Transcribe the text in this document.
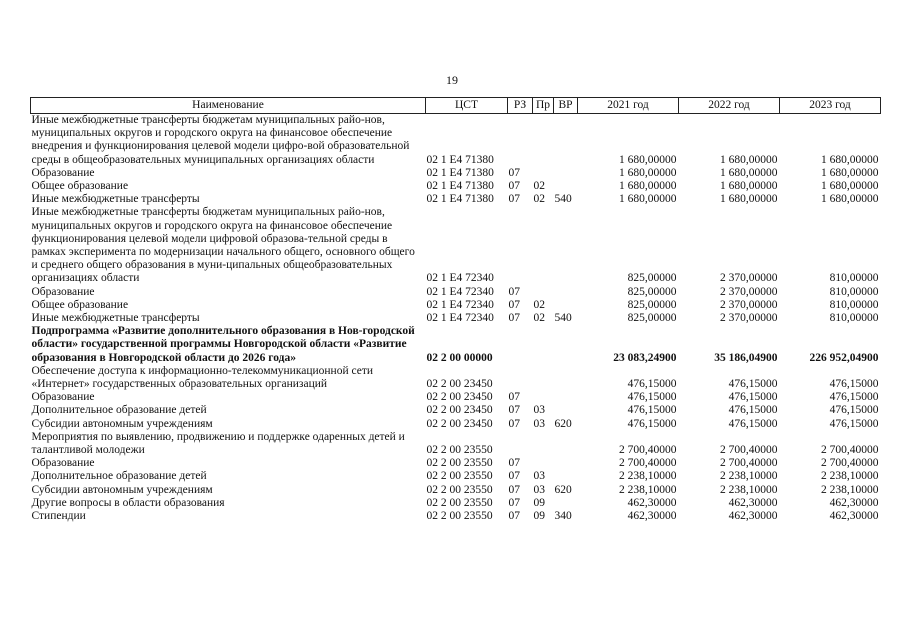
19
Наименование	ЦСТ	РЗ	Пр	ВР	2021 год	2022 год	2023 год
Иные межбюджетные трансферты бюджетам муниципальных райо-нов, муниципальных округов и городского округа на финансовое обеспечение внедрения и функционирования целевой модели цифро-вой образовательной среды в общеобразовательных муниципальных организациях области	02 1 E4 71380				1 680,00000	1 680,00000	1 680,00000
Образование	02 1 E4 71380	07			1 680,00000	1 680,00000	1 680,00000
Общее образование	02 1 E4 71380	07	02		1 680,00000	1 680,00000	1 680,00000
Иные межбюджетные трансферты	02 1 E4 71380	07	02	540	1 680,00000	1 680,00000	1 680,00000
Иные межбюджетные трансферты бюджетам муниципальных райо-нов, муниципальных округов и городского округа на финансовое обеспечение функционирования целевой модели цифровой образова-тельной среды в рамках эксперимента по модернизации начального общего, основного общего и среднего общего образования в муни-ципальных общеобразовательных организациях области	02 1 E4 72340				825,00000	2 370,00000	810,00000
Образование	02 1 E4 72340	07			825,00000	2 370,00000	810,00000
Общее образование	02 1 E4 72340	07	02		825,00000	2 370,00000	810,00000
Иные межбюджетные трансферты	02 1 E4 72340	07	02	540	825,00000	2 370,00000	810,00000
Подпрограмма «Развитие дополнительного образования в Нов-городской области» государственной программы Новгородской области «Развитие образования в Новгородской области до 2026 года»	02 2 00 00000				23 083,24900	35 186,04900	226 952,04900
Обеспечение доступа к информационно-телекоммуникационной сети «Интернет» государственных образовательных организаций	02 2 00 23450				476,15000	476,15000	476,15000
Образование	02 2 00 23450	07			476,15000	476,15000	476,15000
Дополнительное образование детей	02 2 00 23450	07	03		476,15000	476,15000	476,15000
Субсидии автономным учреждениям	02 2 00 23450	07	03	620	476,15000	476,15000	476,15000
Мероприятия по выявлению, продвижению и поддержке одаренных детей и талантливой молодежи	02 2 00 23550				2 700,40000	2 700,40000	2 700,40000
Образование	02 2 00 23550	07			2 700,40000	2 700,40000	2 700,40000
Дополнительное образование детей	02 2 00 23550	07	03		2 238,10000	2 238,10000	2 238,10000
Субсидии автономным учреждениям	02 2 00 23550	07	03	620	2 238,10000	2 238,10000	2 238,10000
Другие вопросы в области образования	02 2 00 23550	07	09		462,30000	462,30000	462,30000
Стипендии	02 2 00 23550	07	09	340	462,30000	462,30000	462,30000
